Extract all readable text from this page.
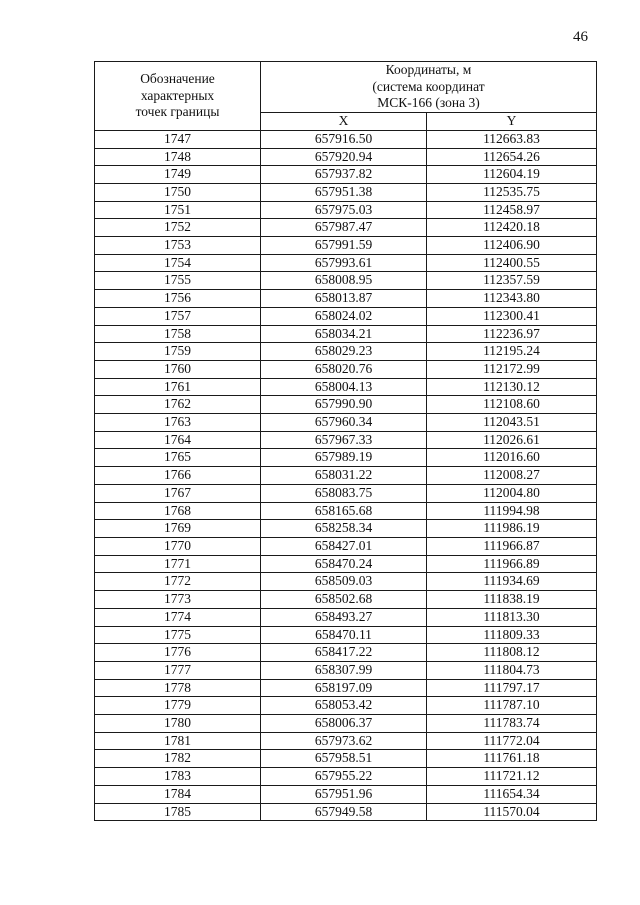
46
Обозначение
характерных
точек границы	Координаты, м
(система координат
МСК-166 (зона 3)	
	X	Y
1747	657916.50	112663.83
1748	657920.94	112654.26
1749	657937.82	112604.19
1750	657951.38	112535.75
1751	657975.03	112458.97
1752	657987.47	112420.18
1753	657991.59	112406.90
1754	657993.61	112400.55
1755	658008.95	112357.59
1756	658013.87	112343.80
1757	658024.02	112300.41
1758	658034.21	112236.97
1759	658029.23	112195.24
1760	658020.76	112172.99
1761	658004.13	112130.12
1762	657990.90	112108.60
1763	657960.34	112043.51
1764	657967.33	112026.61
1765	657989.19	112016.60
1766	658031.22	112008.27
1767	658083.75	112004.80
1768	658165.68	111994.98
1769	658258.34	111986.19
1770	658427.01	111966.87
1771	658470.24	111966.89
1772	658509.03	111934.69
1773	658502.68	111838.19
1774	658493.27	111813.30
1775	658470.11	111809.33
1776	658417.22	111808.12
1777	658307.99	111804.73
1778	658197.09	111797.17
1779	658053.42	111787.10
1780	658006.37	111783.74
1781	657973.62	111772.04
1782	657958.51	111761.18
1783	657955.22	111721.12
1784	657951.96	111654.34
1785	657949.58	111570.04
